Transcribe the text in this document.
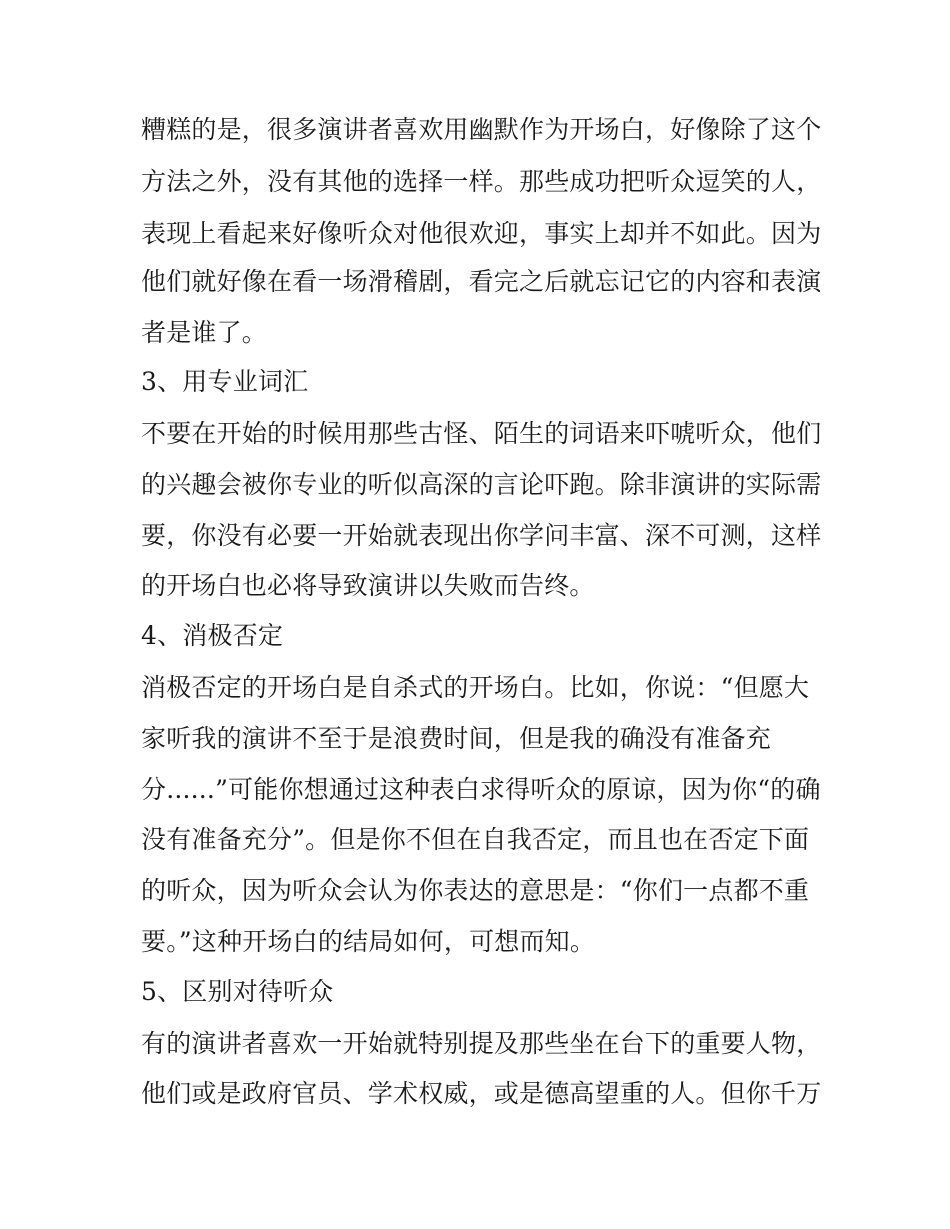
糟糕的是，很多演讲者喜欢用幽默作为开场白，好像除了这个
方法之外，没有其他的选择一样。那些成功把听众逗笑的人，
表现上看起来好像听众对他很欢迎，事实上却并不如此。因为
他们就好像在看一场滑稽剧，看完之后就忘记它的内容和表演
者是谁了。
3、用专业词汇
不要在开始的时候用那些古怪、陌生的词语来吓唬听众，他们
的兴趣会被你专业的听似高深的言论吓跑。除非演讲的实际需
要，你没有必要一开始就表现出你学问丰富、深不可测，这样
的开场白也必将导致演讲以失败而告终。
4、消极否定
消极否定的开场白是自杀式的开场白。比如，你说：“但愿大
家听我的演讲不至于是浪费时间，但是我的确没有准备充
分......”可能你想通过这种表白求得听众的原谅，因为你“的确
没有准备充分”。但是你不但在自我否定，而且也在否定下面
的听众，因为听众会认为你表达的意思是：“你们一点都不重
要。”这种开场白的结局如何，可想而知。
5、区别对待听众
有的演讲者喜欢一开始就特别提及那些坐在台下的重要人物，
他们或是政府官员、学术权威，或是德高望重的人。但你千万
